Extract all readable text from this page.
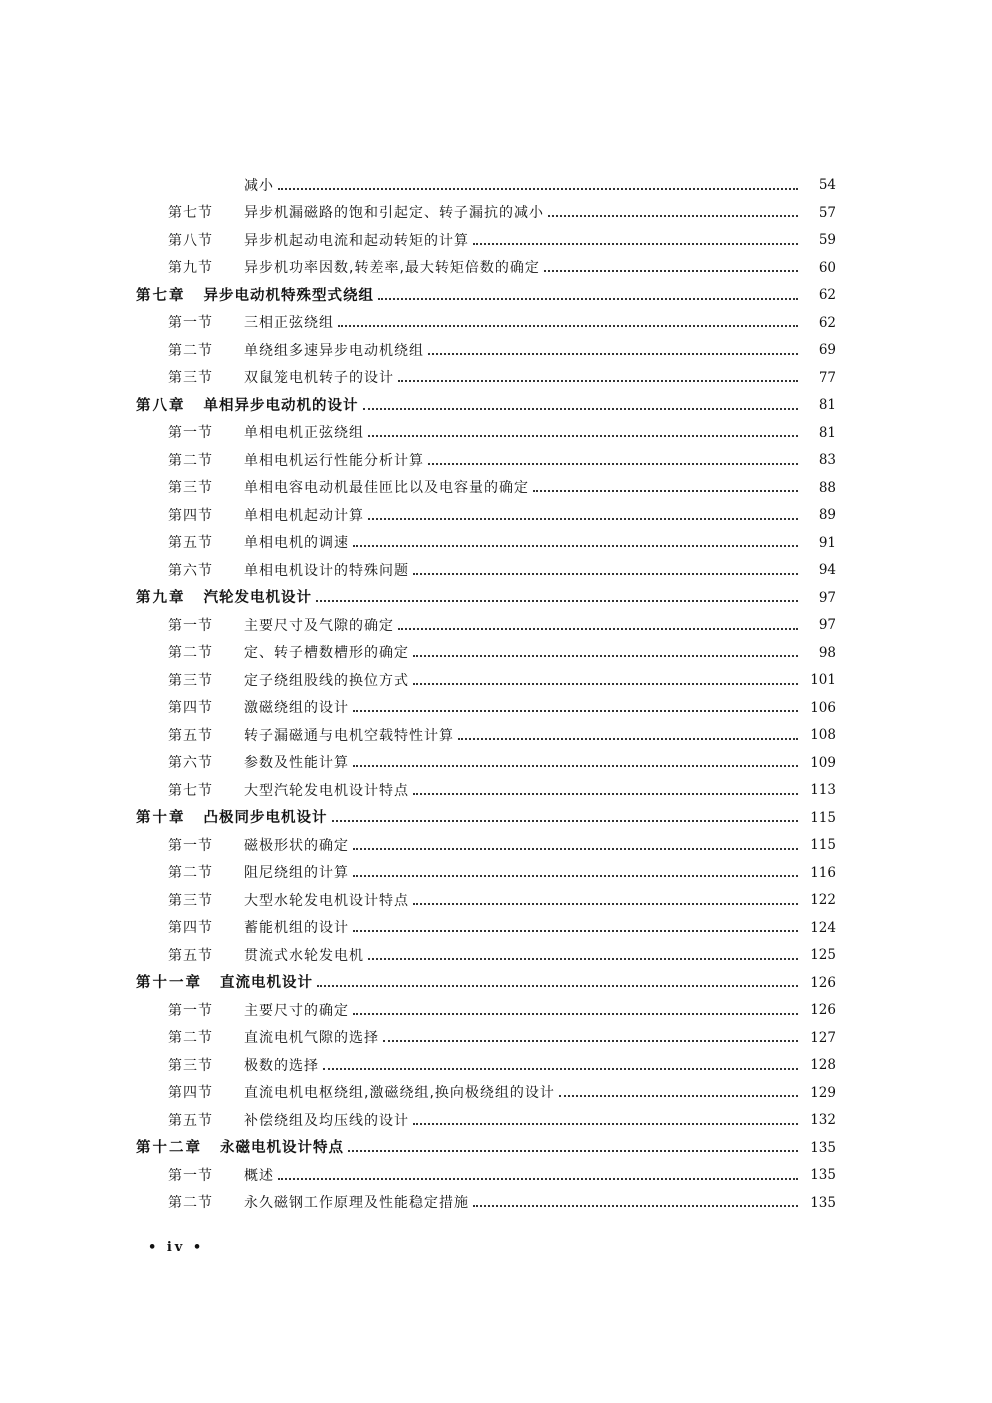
减小	54
第七节	异步机漏磁路的饱和引起定、转子漏抗的减小	57
第八节	异步机起动电流和起动转矩的计算	59
第九节	异步机功率因数,转差率,最大转矩倍数的确定	60
第七章 异步电动机特殊型式绕组	62
第一节	三相正弦绕组	62
第二节	单绕组多速异步电动机绕组	69
第三节	双鼠笼电机转子的设计	77
第八章 单相异步电动机的设计	81
第一节	单相电机正弦绕组	81
第二节	单相电机运行性能分析计算	83
第三节	单相电容电动机最佳匝比以及电容量的确定	88
第四节	单相电机起动计算	89
第五节	单相电机的调速	91
第六节	单相电机设计的特殊问题	94
第九章 汽轮发电机设计	97
第一节	主要尺寸及气隙的确定	97
第二节	定、转子槽数槽形的确定	98
第三节	定子绕组股线的换位方式	101
第四节	激磁绕组的设计	106
第五节	转子漏磁通与电机空载特性计算	108
第六节	参数及性能计算	109
第七节	大型汽轮发电机设计特点	113
第十章 凸极同步电机设计	115
第一节	磁极形状的确定	115
第二节	阻尼绕组的计算	116
第三节	大型水轮发电机设计特点	122
第四节	蓄能机组的设计	124
第五节	贯流式水轮发电机	125
第十一章 直流电机设计	126
第一节	主要尺寸的确定	126
第二节	直流电机气隙的选择	127
第三节	极数的选择	128
第四节	直流电机电枢绕组,激磁绕组,换向极绕组的设计	129
第五节	补偿绕组及均压线的设计	132
第十二章 永磁电机设计特点	135
第一节	概述	135
第二节	永久磁钢工作原理及性能稳定措施	135
• iv •
